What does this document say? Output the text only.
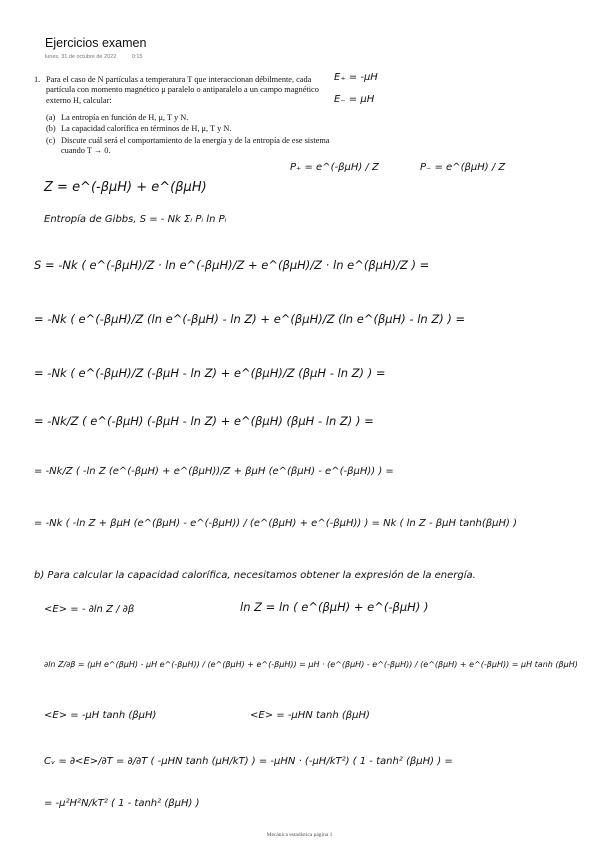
Ejercicios examen
lunes, 31 de octubre de 2022	0:15
1. Para el caso de N partículas a temperatura T que interaccionan débilmente, cada partícula con momento magnético μ paralelo o antiparalelo a un campo magnético externo H, calcular:
(a) La entropía en función de H, μ, T y N.
(b) La capacidad calorífica en términos de H, μ, T y N.
(c) Discute cuál será el comportamiento de la energía y de la entropía de ese sistema cuando T → 0.
E₊ = -μH
E₋ = μH
Z = e^(-βμH) + e^(βμH)
P₊ = e^(-βμH) / Z	P₋ = e^(βμH) / Z
Entropía de Gibbs, S = - Nk Σᵢ Pᵢ ln Pᵢ
S = -Nk ( e^(-βμH)/Z · ln e^(-βμH)/Z + e^(βμH)/Z · ln e^(βμH)/Z ) =
= -Nk ( e^(-βμH)/Z (ln e^(-βμH) - ln Z) + e^(βμH)/Z (ln e^(βμH) - ln Z) ) =
= -Nk ( e^(-βμH)/Z (-βμH - ln Z) + e^(βμH)/Z (βμH - ln Z) ) =
= -Nk/Z ( e^(-βμH) (-βμH - ln Z) + e^(βμH) (βμH - ln Z) ) =
= -Nk/Z ( -ln Z (e^(-βμH) + e^(βμH))/Z + βμH (e^(βμH) - e^(-βμH)) ) =
= -Nk ( -ln Z + βμH (e^(βμH) - e^(-βμH)) / (e^(βμH) + e^(-βμH)) ) = Nk ( ln Z - βμH tanh(βμH) )
b) Para calcular la capacidad calorífica, necesitamos obtener la expresión de la energía.
<E> = - ∂ln Z / ∂β	ln Z = ln ( e^(βμH) + e^(-βμH) )
∂ln Z/∂β = (μH e^(βμH) - μH e^(-βμH)) / (e^(βμH) + e^(-βμH)) = μH · (e^(βμH) - e^(-βμH)) / (e^(βμH) + e^(-βμH)) = μH tanh (βμH)
<E> = -μH tanh (βμH)	<E> = -μHN tanh (βμH)
Cᵥ = ∂<E>/∂T = ∂/∂T ( -μHN tanh (μH/kT) ) = -μHN · (-μH/kT²) ( 1 - tanh² (βμH) ) =
= -μ²H²N/kT² ( 1 - tanh² (βμH) )
Mecánica estadística página 1
